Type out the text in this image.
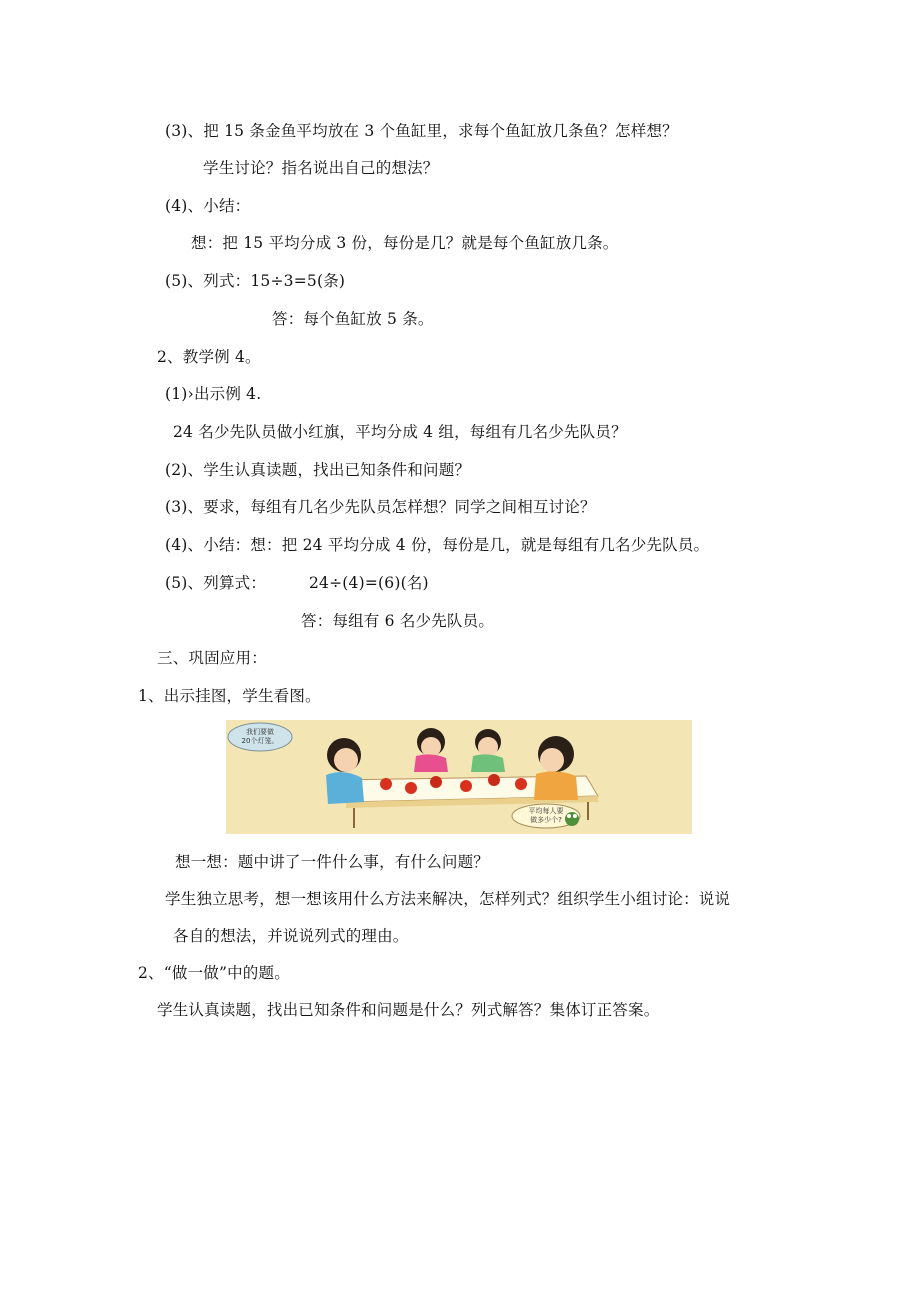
(3)、把 15 条金鱼平均放在 3 个鱼缸里，求每个鱼缸放几条鱼？怎样想？
学生讨论？指名说出自己的想法？
(4)、小结：
想：把 15 平均分成 3 份，每份是几？就是每个鱼缸放几条。
(5)、列式：15÷3=5(条)
答：每个鱼缸放 5 条。
2、教学例 4。
(1)›出示例 4.
24 名少先队员做小红旗，平均分成 4 组，每组有几名少先队员？
(2)、学生认真读题，找出已知条件和问题？
(3)、要求，每组有几名少先队员怎样想？同学之间相互讨论？
(4)、小结：想：把 24 平均分成 4 份，每份是几，就是每组有几名少先队员。
(5)、列算式：	24÷(4)=(6)(名)
答：每组有 6 名少先队员。
三、巩固应用：
1、出示挂图，学生看图。
我们要做
20个灯笼。
平均每人要
做多少个?
想一想：题中讲了一件什么事，有什么问题？
学生独立思考，想一想该用什么方法来解决，怎样列式？组织学生小组讨论：说说
各自的想法，并说说列式的理由。
2、“做一做”中的题。
学生认真读题，找出已知条件和问题是什么？列式解答？集体订正答案。
